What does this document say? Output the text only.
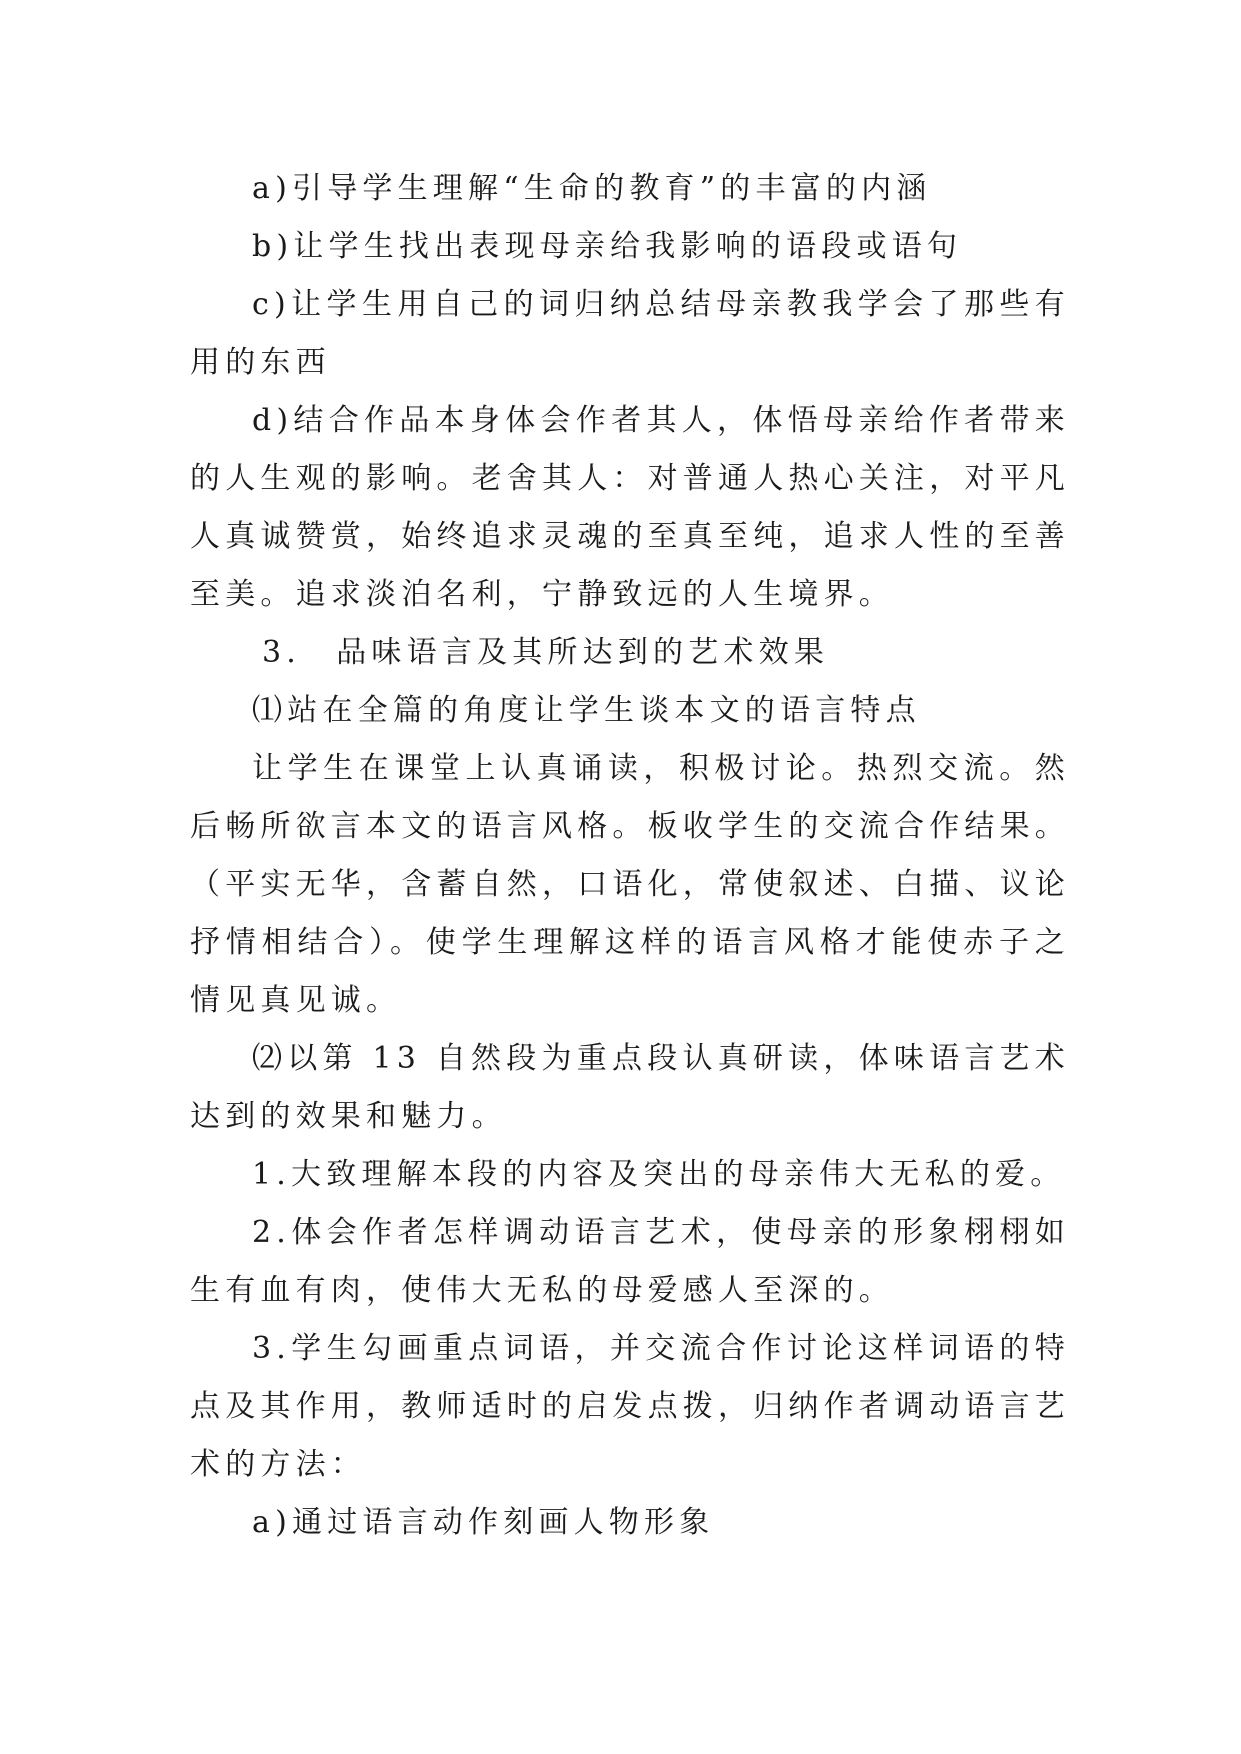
a)引导学生理解“生命的教育”的丰富的内涵

b)让学生找出表现母亲给我影响的语段或语句

c)让学生用自己的词归纳总结母亲教我学会了那些有用的东西

d)结合作品本身体会作者其人，体悟母亲给作者带来的人生观的影响。老舍其人：对普通人热心关注，对平凡人真诚赞赏，始终追求灵魂的至真至纯，追求人性的至善至美。追求淡泊名利，宁静致远的人生境界。

3.　品味语言及其所达到的艺术效果

⑴站在全篇的角度让学生谈本文的语言特点

让学生在课堂上认真诵读，积极讨论。热烈交流。然后畅所欲言本文的语言风格。板收学生的交流合作结果。（平实无华，含蓄自然，口语化，常使叙述、白描、议论抒情相结合）。使学生理解这样的语言风格才能使赤子之情见真见诚。

⑵以第 13 自然段为重点段认真研读，体味语言艺术达到的效果和魅力。

1.大致理解本段的内容及突出的母亲伟大无私的爱。

2.体会作者怎样调动语言艺术，使母亲的形象栩栩如生有血有肉，使伟大无私的母爱感人至深的。

3.学生勾画重点词语，并交流合作讨论这样词语的特点及其作用，教师适时的启发点拨，归纳作者调动语言艺术的方法：

a)通过语言动作刻画人物形象
